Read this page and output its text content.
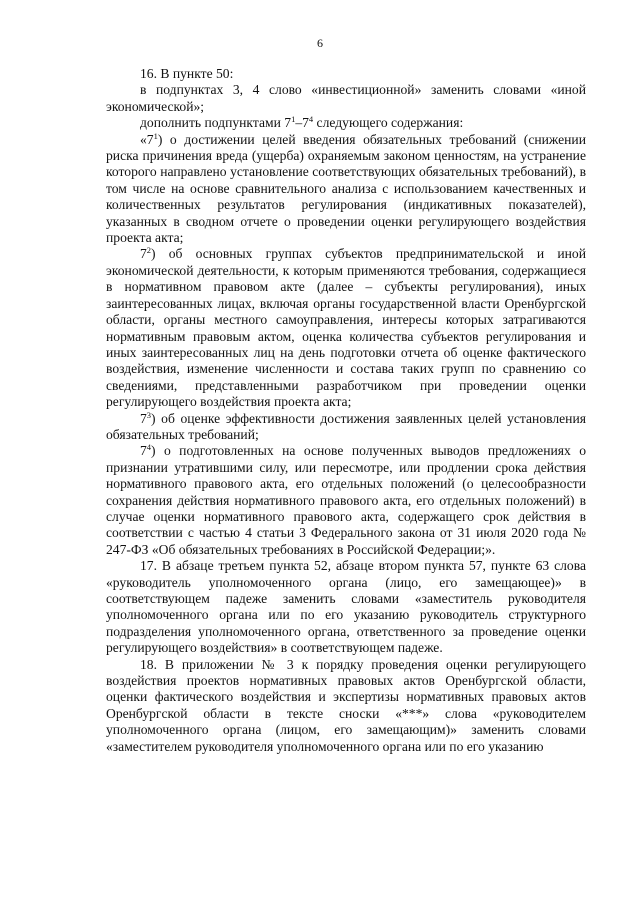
6

16. В пункте 50:

в подпунктах 3, 4 слово «инвестиционной» заменить словами «иной экономической»;

дополнить подпунктами $7^1-7^4$ следующего содержания:

«$7^1$) о достижении целей введения обязательных требований (снижении риска причинения вреда (ущерба) охраняемым законом ценностям, на устранение которого направлено установление соответствующих обязательных требований), в том числе на основе сравнительного анализа с использованием качественных и количественных результатов регулирования (индикативных показателей), указанных в сводном отчете о проведении оценки регулирующего воздействия проекта акта;

$7^2$) об основных группах субъектов предпринимательской и иной экономической деятельности, к которым применяются требования, содержащиеся в нормативном правовом акте (далее – субъекты регулирования), иных заинтересованных лицах, включая органы государственной власти Оренбургской области, органы местного самоуправления, интересы которых затрагиваются нормативным правовым актом, оценка количества субъектов регулирования и иных заинтересованных лиц на день подготовки отчета об оценке фактического воздействия, изменение численности и состава таких групп по сравнению со сведениями, представленными разработчиком при проведении оценки регулирующего воздействия проекта акта;

$7^3$) об оценке эффективности достижения заявленных целей установления обязательных требований;

$7^4$) о подготовленных на основе полученных выводов предложениях о признании утратившими силу, или пересмотре, или продлении срока действия нормативного правового акта, его отдельных положений (о целесообразности сохранения действия нормативного правового акта, его отдельных положений) в случае оценки нормативного правового акта, содержащего срок действия в соответствии с частью 4 статьи 3 Федерального закона от 31 июля 2020 года № 247-ФЗ «Об обязательных требованиях в Российской Федерации;».

17. В абзаце третьем пункта 52, абзаце втором пункта 57, пункте 63 слова «руководитель уполномоченного органа (лицо, его замещающее)» в соответствующем падеже заменить словами «заместитель руководителя уполномоченного органа или по его указанию руководитель структурного подразделения уполномоченного органа, ответственного за проведение оценки регулирующего воздействия» в соответствующем падеже.

18. В приложении № 3 к порядку проведения оценки регулирующего воздействия проектов нормативных правовых актов Оренбургской области, оценки фактического воздействия и экспертизы нормативных правовых актов Оренбургской области в тексте сноски «***» слова «руководителем уполномоченного органа (лицом, его замещающим)» заменить словами «заместителем руководителя уполномоченного органа или по его указанию
